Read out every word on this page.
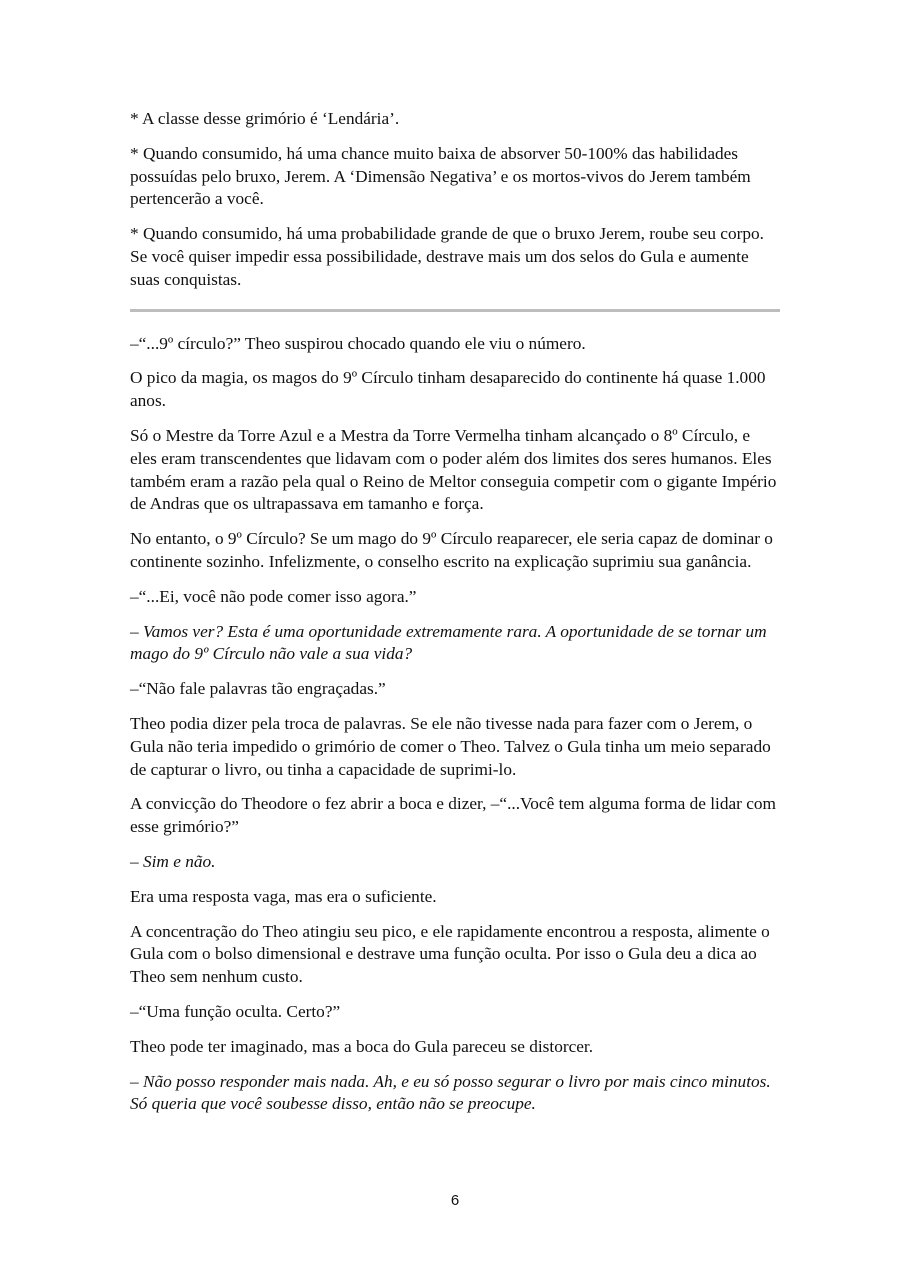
* A classe desse grimório é ‘Lendária’.

* Quando consumido, há uma chance muito baixa de absorver 50-100% das habilidades possuídas pelo bruxo, Jerem. A ‘Dimensão Negativa’ e os mortos-vivos do Jerem também pertencerão a você.

* Quando consumido, há uma probabilidade grande de que o bruxo Jerem, roube seu corpo. Se você quiser impedir essa possibilidade, destrave mais um dos selos do Gula e aumente suas conquistas.

–“...9º círculo?” Theo suspirou chocado quando ele viu o número.

O pico da magia, os magos do 9º Círculo tinham desaparecido do continente há quase 1.000 anos.

Só o Mestre da Torre Azul e a Mestra da Torre Vermelha tinham alcançado o 8º Círculo, e eles eram transcendentes que lidavam com o poder além dos limites dos seres humanos. Eles também eram a razão pela qual o Reino de Meltor conseguia competir com o gigante Império de Andras que os ultrapassava em tamanho e força.

No entanto, o 9º Círculo? Se um mago do 9º Círculo reaparecer, ele seria capaz de dominar o continente sozinho. Infelizmente, o conselho escrito na explicação suprimiu sua ganância.

–“...Ei, você não pode comer isso agora.”

– Vamos ver? Esta é uma oportunidade extremamente rara. A oportunidade de se tornar um mago do 9º Círculo não vale a sua vida?

–“Não fale palavras tão engraçadas.”

Theo podia dizer pela troca de palavras. Se ele não tivesse nada para fazer com o Jerem, o Gula não teria impedido o grimório de comer o Theo. Talvez o Gula tinha um meio separado de capturar o livro, ou tinha a capacidade de suprimi-lo.

A convicção do Theodore o fez abrir a boca e dizer, –“...Você tem alguma forma de lidar com esse grimório?”

– Sim e não.

Era uma resposta vaga, mas era o suficiente.

A concentração do Theo atingiu seu pico, e ele rapidamente encontrou a resposta, alimente o Gula com o bolso dimensional e destrave uma função oculta. Por isso o Gula deu a dica ao Theo sem nenhum custo.

–“Uma função oculta. Certo?”

Theo pode ter imaginado, mas a boca do Gula pareceu se distorcer.

– Não posso responder mais nada. Ah, e eu só posso segurar o livro por mais cinco minutos. Só queria que você soubesse disso, então não se preocupe.

6
